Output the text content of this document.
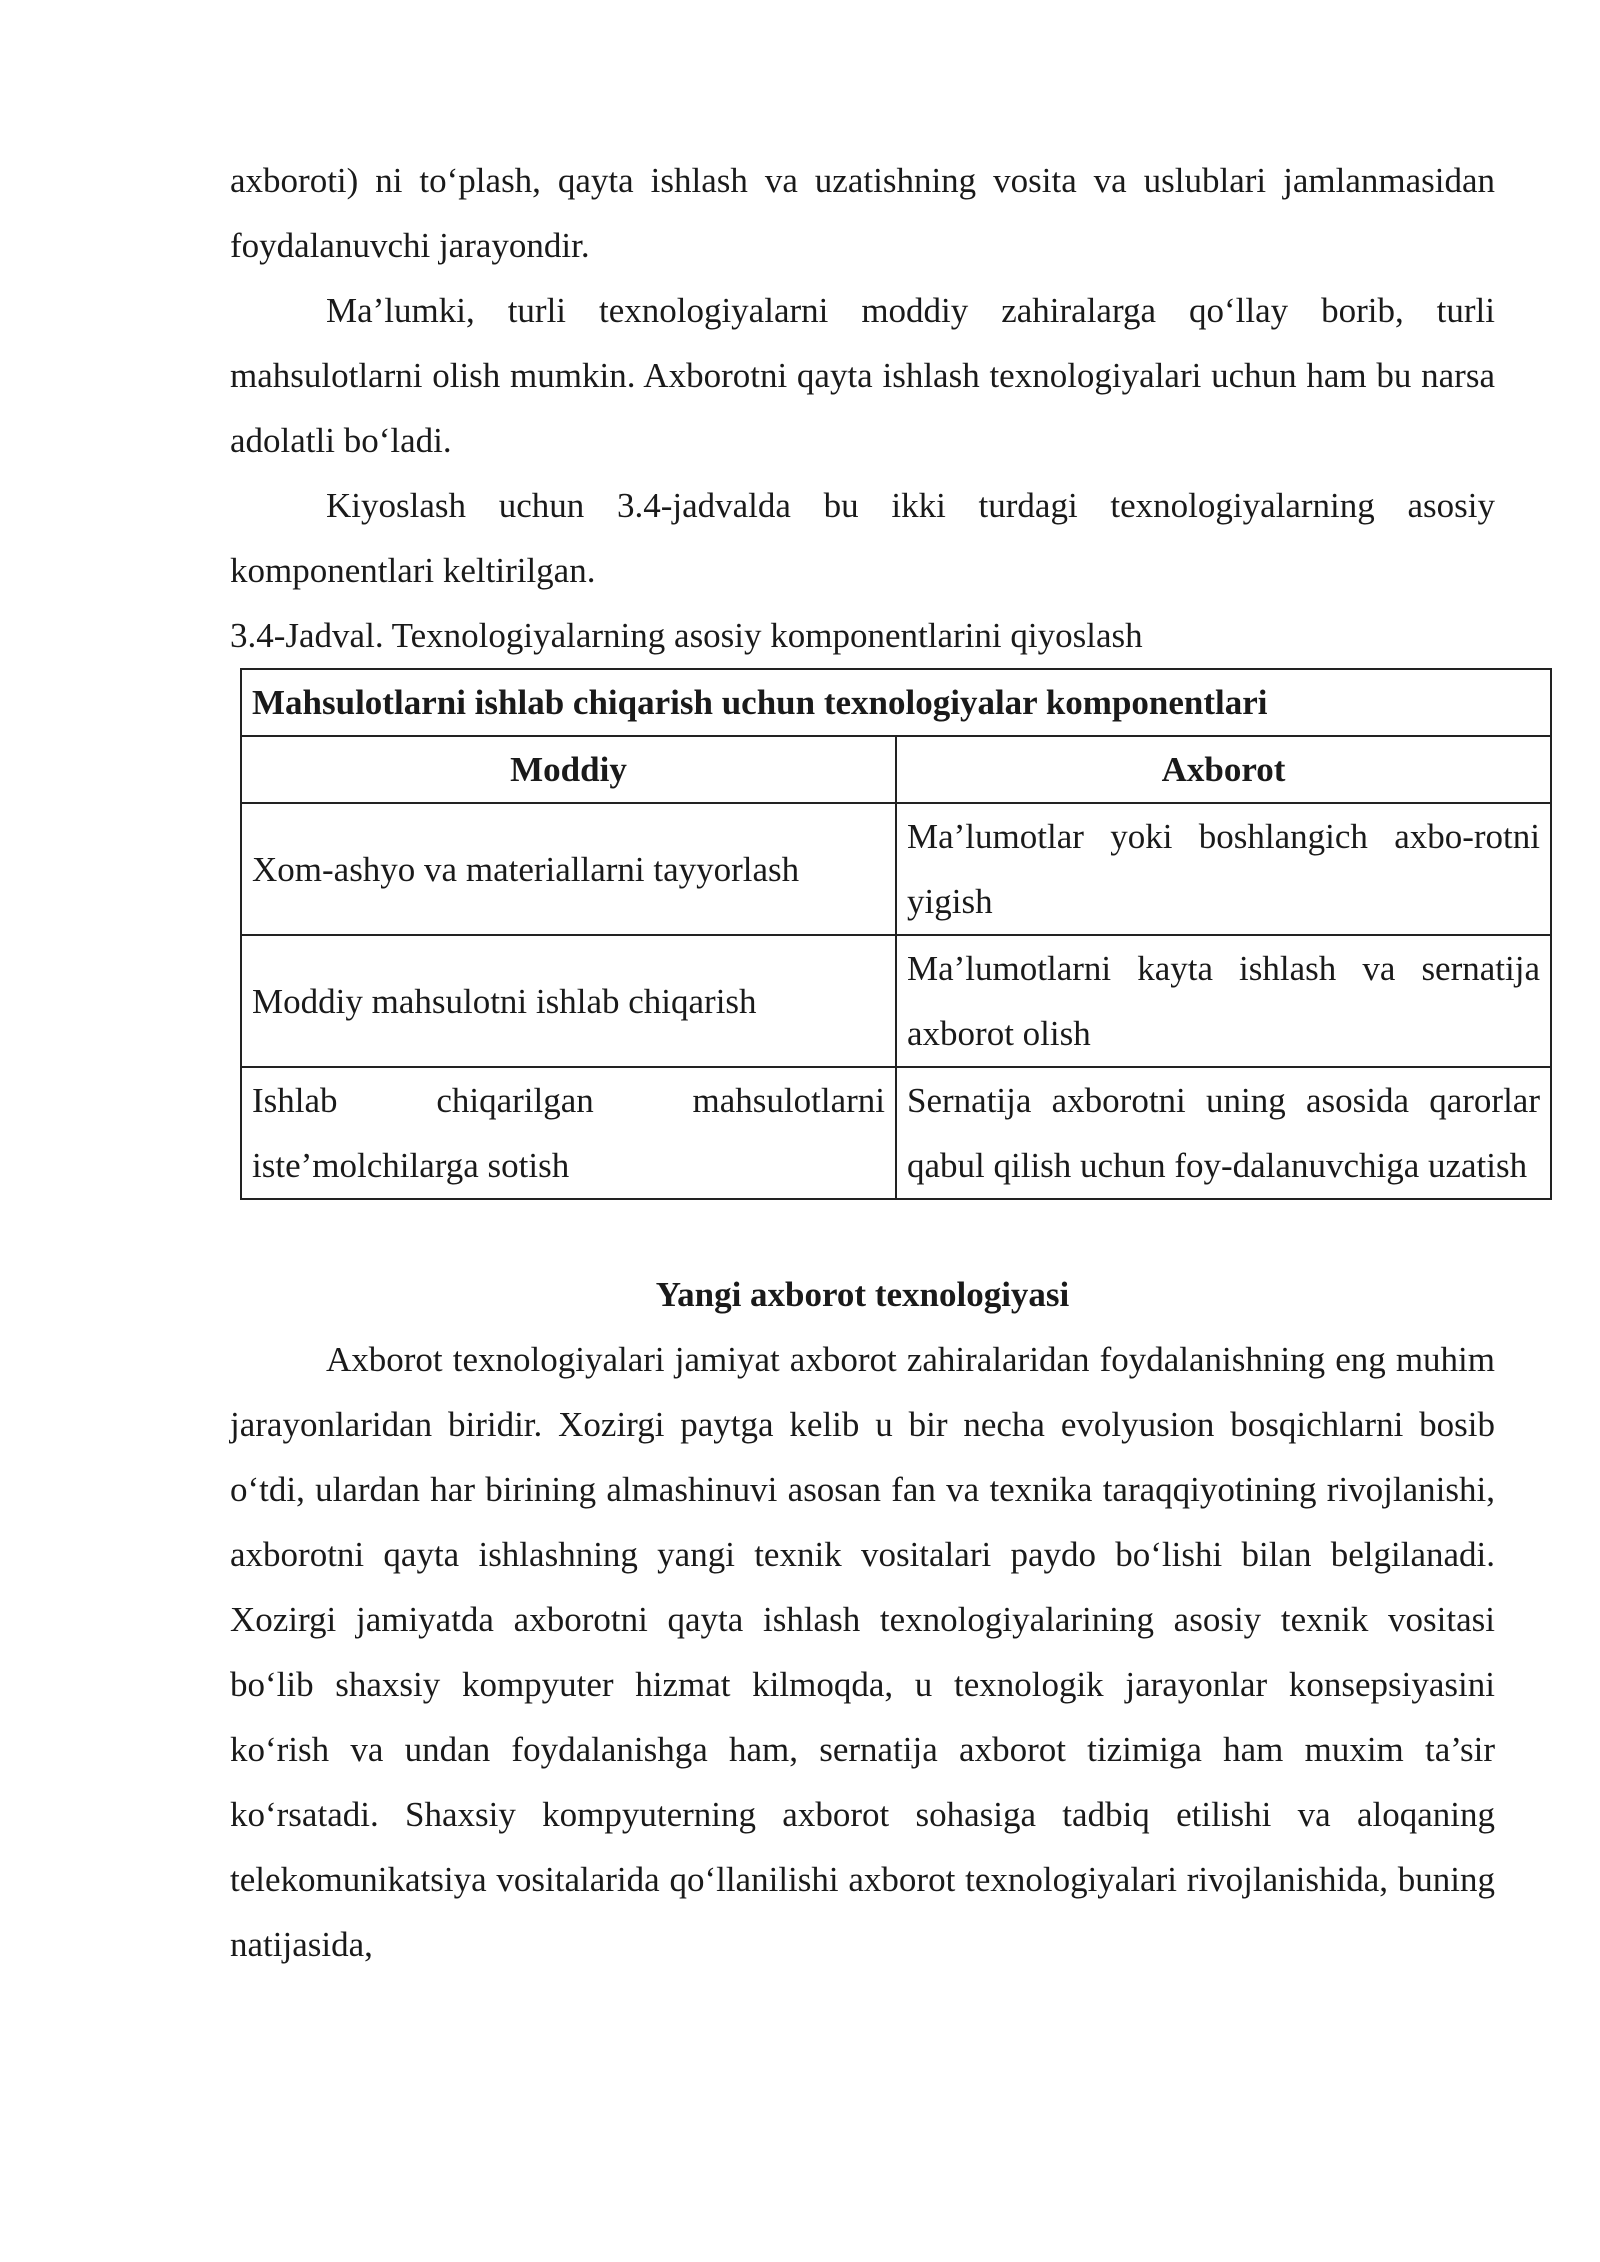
axboroti) ni to‘plash, qayta ishlash va uzatishning vosita va uslublari jamlanmasidan foydalanuvchi jarayondir.

Ma’lumki, turli texnologiyalarni moddiy zahiralarga qo‘llay borib, turli mahsulotlarni olish mumkin. Axborotni qayta ishlash texnologiyalari uchun ham bu narsa adolatli bo‘ladi.

Kiyoslash uchun 3.4-jadvalda bu ikki turdagi texnologiyalarning asosiy komponentlari keltirilgan.

3.4-Jadval. Texnologiyalarning asosiy komponentlarini qiyoslash

Mahsulotlarni ishlab chiqarish uchun texnologiyalar komponentlari	
Moddiy	Axborot
Xom-ashyo va materiallarni tayyorlash	Ma’lumotlar yoki boshlangich axbo-rotni yigish
Moddiy mahsulotni ishlab chiqarish	Ma’lumotlarni kayta ishlash va sernatija axborot olish
Ishlab chiqarilgan mahsulotlarni iste’molchilarga sotish	Sernatija axborotni uning asosida qarorlar qabul qilish uchun foy-dalanuvchiga uzatish

Yangi axborot texnologiyasi

Axborot texnologiyalari jamiyat axborot zahiralaridan foydalanishning eng muhim jarayonlaridan biridir. Xozirgi paytga kelib u bir necha evolyusion bosqichlarni bosib o‘tdi, ulardan har birining almashinuvi asosan fan va texnika taraqqiyotining rivojlanishi, axborotni qayta ishlashning yangi texnik vositalari paydo bo‘lishi bilan belgilanadi. Xozirgi jamiyatda axborotni qayta ishlash texnologiyalarining asosiy texnik vositasi bo‘lib shaxsiy kompyuter hizmat kilmoqda, u texnologik jarayonlar konsepsiyasini ko‘rish va undan foydalanishga ham, sernatija axborot tizimiga ham muxim ta’sir ko‘rsatadi. Shaxsiy kompyuterning axborot sohasiga tadbiq etilishi va aloqaning telekomunikatsiya vositalarida qo‘llanilishi axborot texnologiyalari rivojlanishida, buning natijasida,
